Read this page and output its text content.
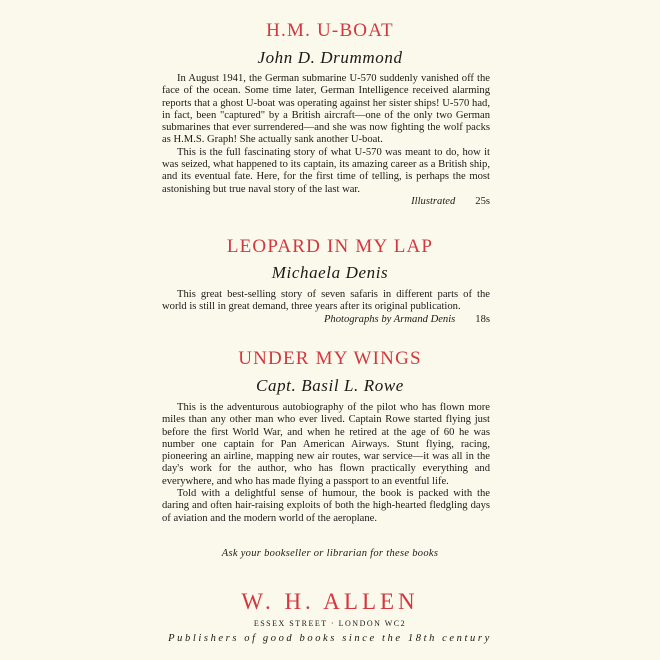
H.M. U-BOAT
John D. Drummond

In August 1941, the German submarine U-570 suddenly vanished off the face of the ocean. Some time later, German Intelligence received alarming reports that a ghost U-boat was operating against her sister ships! U-570 had, in fact, been "captured" by a British aircraft—one of the only two German submarines that ever surrendered—and she was now fighting the wolf packs as H.M.S. Graph! She actually sank another U-boat.

This is the full fascinating story of what U-570 was meant to do, how it was seized, what happened to its captain, its amazing career as a British ship, and its eventual fate. Here, for the first time of telling, is perhaps the most astonishing but true naval story of the last war.

Illustrated 25s
LEOPARD IN MY LAP
Michaela Denis

This great best-selling story of seven safaris in different parts of the world is still in great demand, three years after its original publication.
Photographs by Armand Denis 18s

UNDER MY WINGS
Capt. Basil L. Rowe

This is the adventurous autobiography of the pilot who has flown more miles than any other man who ever lived. Captain Rowe started flying just before the first World War, and when he retired at the age of 60 he was number one captain for Pan American Airways. Stunt flying, racing, pioneering an airline, mapping new air routes, war service—it was all in the day's work for the author, who has flown practically everything and everywhere, and who has made flying a passport to an eventful life.

Told with a delightful sense of humour, the book is packed with the daring and often hair-raising exploits of both the high-hearted fledgling days of aviation and the modern world of the aeroplane.

Ask your bookseller or librarian for these books
W. H. ALLEN
ESSEX STREET · LONDON WC2
Publishers of good books since the 18th century
